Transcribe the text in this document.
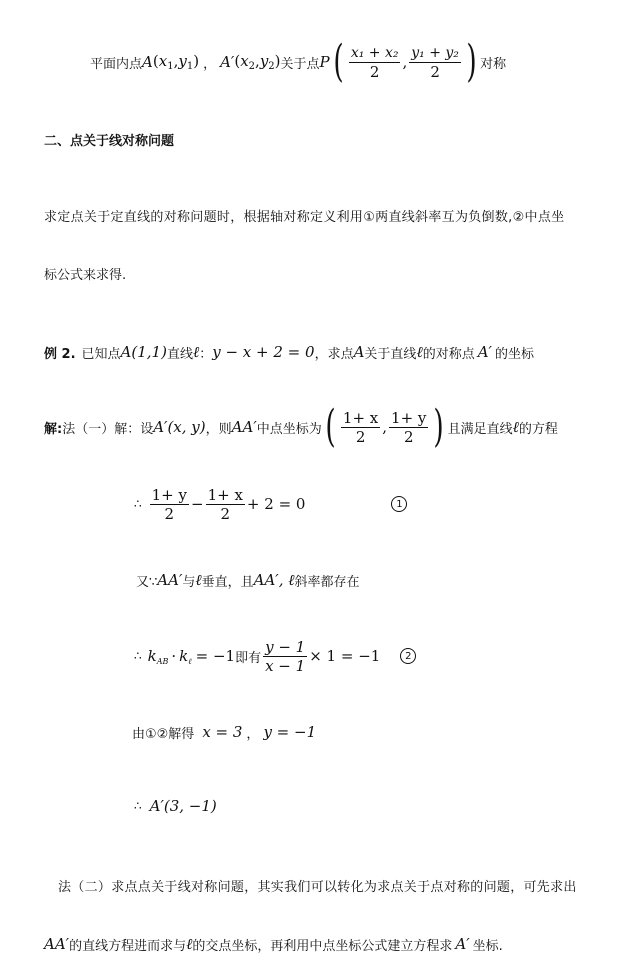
平面内点 A $(x_1,y_1)$ ， A′ $(x_2,y_2)$ 关于点 P ( $\frac{\text{x₁ + x₂}}{2}$ , $\frac{\text{y₁ + y₂}}{2}$ ) 对称
二、点关于线对称问题
求定点关于定直线的对称问题时，根据轴对称定义利用①两直线斜率互为负倒数,②中点坐
标公式来求得.
例 2. 已知点 A(1,1) 直线 ℓ ： y − x + 2 = 0 ，求点 A 关于直线 ℓ 的对称点 A′ 的坐标
解: 法（一）解：设 A′(x, y) ，则 AA′ 中点坐标为 ( $\frac{1+ x}{2}$ , $\frac{1+ y}{2}$ ) 且满足直线 ℓ 的方程
∴ $\frac{1+ y}{2} - \frac{1+ x}{2} + 2 = 0$	1
又∵ AA′ 与 ℓ 垂直，且 AA′, ℓ 斜率都存在
∴ $k_{AB} \cdot k_\ell = -1$ 即有 $\frac{y - 1}{x - 1} \times 1 = -1$	2
由①②解得 x = 3 ， y = −1
∴ A′(3, −1)
法（二）求点点关于线对称问题，其实我们可以转化为求点关于点对称的问题，可先求出
AA′ 的直线方程进而求与 ℓ 的交点坐标，再利用中点坐标公式建立方程求 A′ 坐标.
